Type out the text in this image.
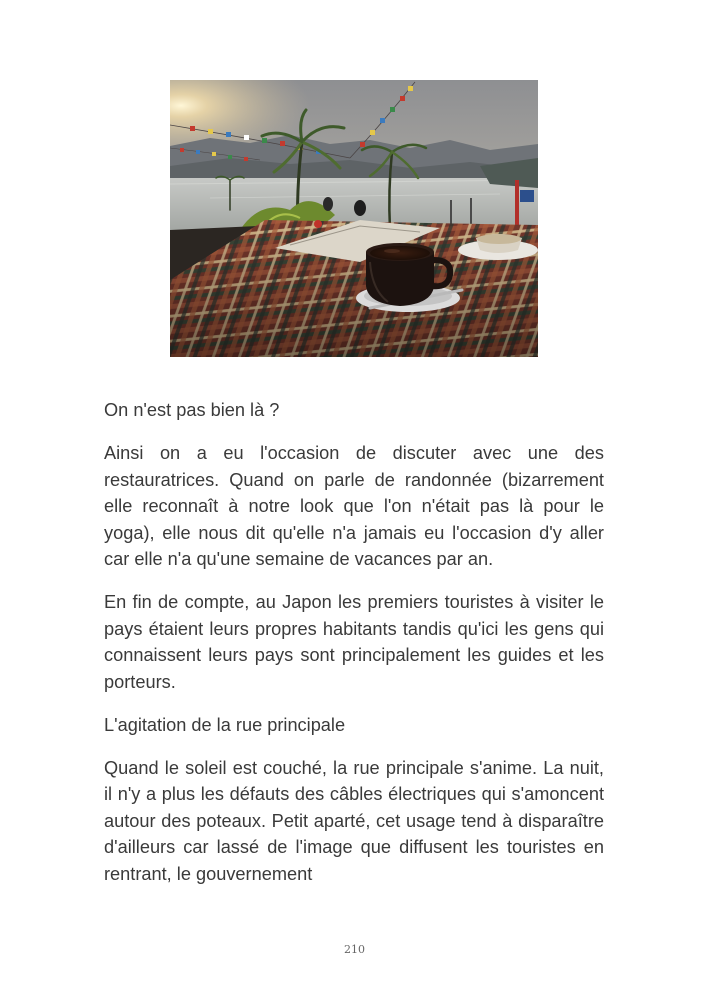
On n'est pas bien là ?

Ainsi on a eu l'occasion de discuter avec une des restauratrices. Quand on parle de randonnée (bizarrement elle reconnaît à notre look que l'on n'était pas là pour le yoga), elle nous dit qu'elle n'a jamais eu l'occasion d'y aller car elle n'a qu'une semaine de vacances par an.

En fin de compte, au Japon les premiers touristes à visiter le pays étaient leurs propres habitants tandis qu'ici les gens qui connaissent leurs pays sont principalement les guides et les porteurs.

L'agitation de la rue principale

Quand le soleil est couché, la rue principale s'anime. La nuit, il n'y a plus les défauts des câbles électriques qui s'amoncent autour des poteaux. Petit aparté, cet usage tend à disparaître d'ailleurs car lassé de l'image que diffusent les touristes en rentrant, le gouvernement

210
